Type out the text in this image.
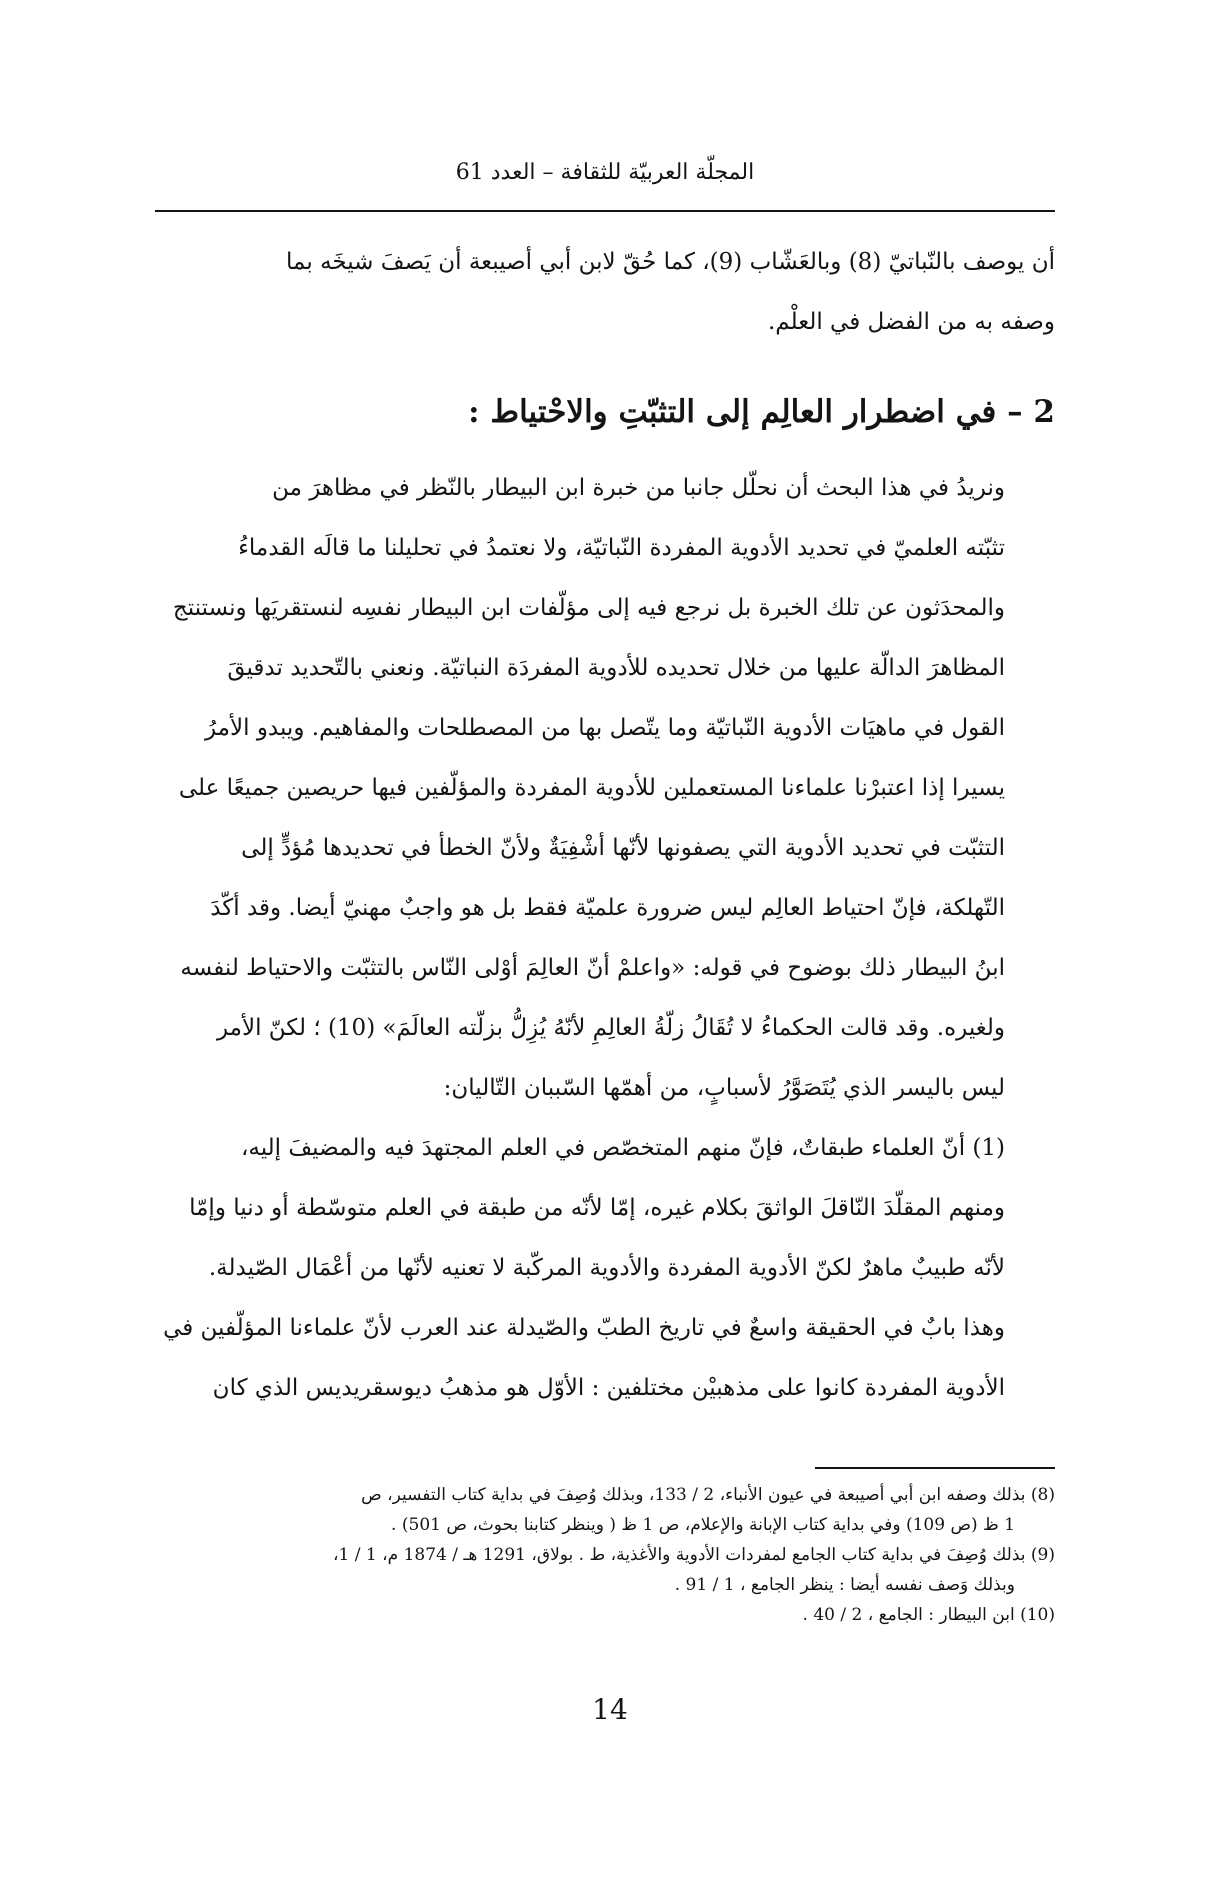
المجلّة العربيّة للثقافة – العدد 61

أن يوصف بالنّباتيّ (8) وبالعَشّاب (9)، كما حُقّ لابن أبي أصيبعة أن يَصفَ شيخَه بما
وصفه به من الفضل في العلْم.

2 – في اضطرار العالِم إلى التثبّتِ والاحْتياط :

ونريدُ في هذا البحث أن نحلّل جانبا من خبرة ابن البيطار بالنّظر في مظاهرَ من
تثبّته العلميّ في تحديد الأدوية المفردة النّباتيّة، ولا نعتمدُ في تحليلنا ما قالَه القدماءُ
والمحدَثون عن تلك الخبرة بل نرجع فيه إلى مؤلّفات ابن البيطار نفسِه لنستقريَها ونستنتج
المظاهرَ الدالّة عليها من خلال تحديده للأدوية المفردَة النباتيّة. ونعني بالتّحديد تدقيقَ
القول في ماهيَات الأدوية النّباتيّة وما يتّصل بها من المصطلحات والمفاهيم. ويبدو الأمرُ
يسيرا إذا اعتبرْنا علماءنا المستعملين للأدوية المفردة والمؤلّفين فيها حريصين جميعًا على
التثبّت في تحديد الأدوية التي يصفونها لأنّها أشْفِيَةٌ ولأنّ الخطأ في تحديدها مُؤدٍّ إلى
التّهلكة، فإنّ احتياط العالِم ليس ضرورة علميّة فقط بل هو واجبٌ مهنيّ أيضا. وقد أكّدَ
ابنُ البيطار ذلك بوضوح في قوله: «واعلمْ أنّ العالِمَ أوْلى النّاس بالتثبّت والاحتياط لنفسه
ولغيره. وقد قالت الحكماءُ لا تُقَالُ زلّةُ العالِمِ لأنّهُ يُزِلُّ بزلّته العالَمَ» (10) ؛ لكنّ الأمر
ليس باليسر الذي يُتَصَوَّرُ لأسبابٍ، من أهمّها السّببان التّاليان:

(1) أنّ العلماء طبقاتٌ، فإنّ منهم المتخصّص في العلم المجتهدَ فيه والمضيفَ إليه،
ومنهم المقلّدَ النّاقلَ الواثقَ بكلام غيره، إمّا لأنّه من طبقة في العلم متوسّطة أو دنيا وإمّا
لأنّه طبيبٌ ماهرٌ لكنّ الأدوية المفردة والأدوية المركّبة لا تعنيه لأنّها من أعْمَال الصّيدلة.
وهذا بابٌ في الحقيقة واسعٌ في تاريخ الطبّ والصّيدلة عند العرب لأنّ علماءنا المؤلّفين في
الأدوية المفردة كانوا على مذهبيْن مختلفين : الأوّل هو مذهبُ ديوسقريديس الذي كان

(8) بذلك وصفه ابن أبي أصيبعة في عيون الأنباء، 2 / 133، وبذلك وُصِفَ في بداية كتاب التفسير، ص
1 ظ (ص 109) وفي بداية كتاب الإبانة والإعلام، ص 1 ظ ( وينظر كتابنا بحوث، ص 501) .

(9) بذلك وُصِفَ في بداية كتاب الجامع لمفردات الأدوية والأغذية، ط . بولاق، 1291 هـ / 1874 م، 1 / 1،
وبذلك وَصف نفسه أيضا : ينظر الجامع ، 1 / 91 .

(10) ابن البيطار : الجامع ، 2 / 40 .

14
